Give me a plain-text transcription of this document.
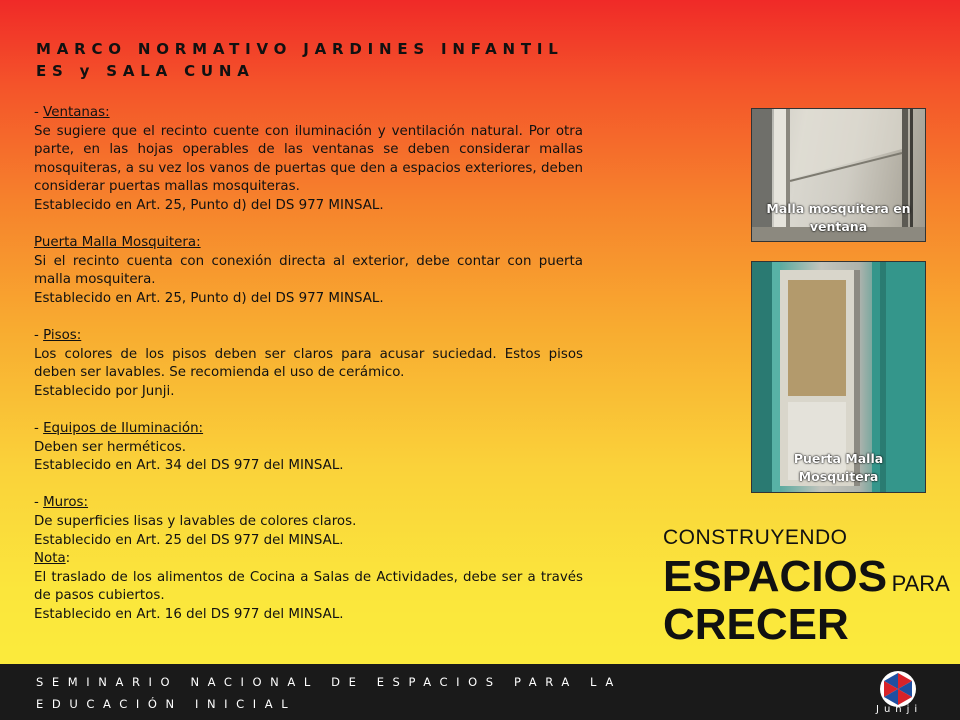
MARCO NORMATIVO JARDINES INFANTIL
ES y SALA CUNA

- Ventanas:

Se sugiere que el recinto cuente con iluminación y ventilación natural. Por otra parte, en las hojas operables de las ventanas se deben considerar mallas mosquiteras, a su vez los vanos de puertas que den a espacios exteriores, deben considerar puertas mallas mosquiteras.

Establecido en Art. 25, Punto d) del DS 977 MINSAL.

Puerta Malla Mosquitera:

Si el recinto cuenta con conexión directa al exterior, debe contar con puerta malla mosquitera.

Establecido en Art. 25, Punto d) del DS 977 MINSAL.

- Pisos:

Los colores de los pisos deben ser claros para acusar suciedad. Estos pisos deben ser lavables. Se recomienda el uso de cerámico.

Establecido por Junji.

- Equipos de Iluminación:

Deben ser herméticos.

Establecido en Art. 34 del DS 977 del MINSAL.

- Muros:

De superficies lisas y lavables de colores claros.

Establecido en Art. 25 del DS 977 del MINSAL.

Nota:

El traslado de los alimentos de Cocina a Salas de Actividades, debe ser a través de pasos cubiertos.

Establecido en Art. 16 del DS 977 del MINSAL.

Malla mosquitera en ventana
Puerta Malla
Mosquitera
CONSTRUYENDO
ESPACIOS PARA
CRECER
SEMINARIO NACIONAL DE ESPACIOS PARA LA
EDUCACIÓN INICIAL	Junji
